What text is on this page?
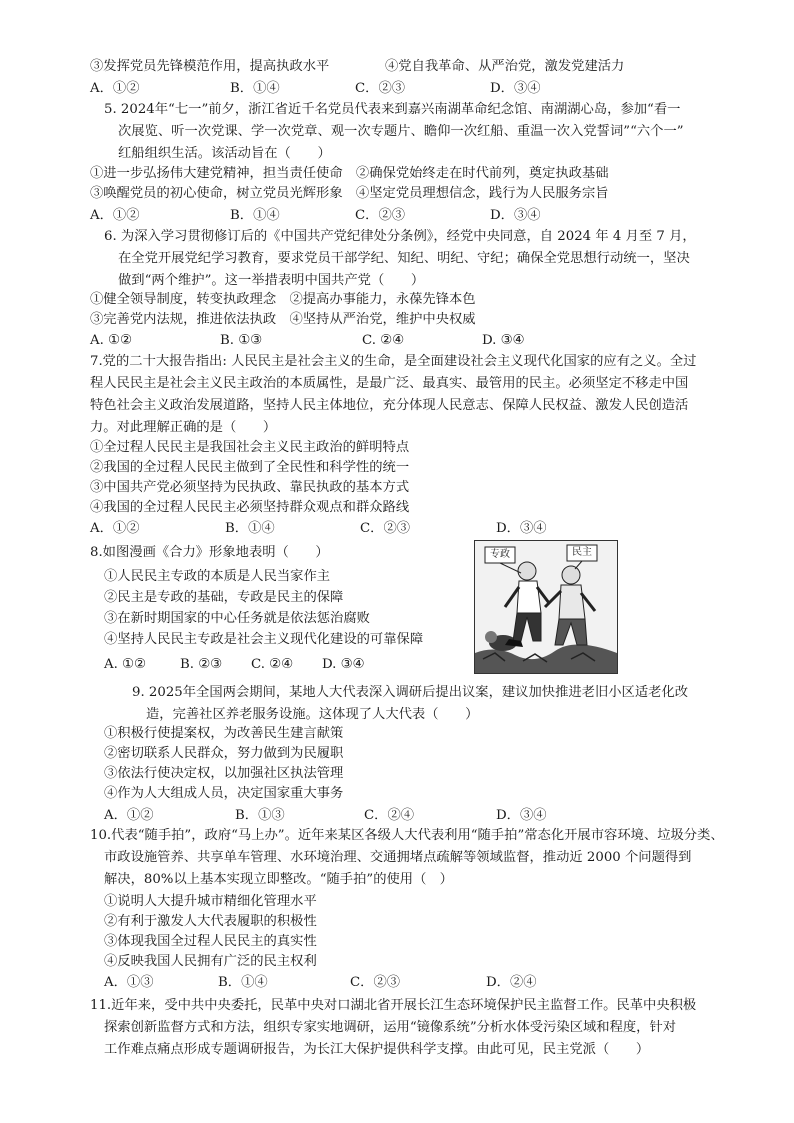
③发挥党员先锋模范作用，提高执政水平	④党自我革命、从严治党，激发党建活力
A．①②	B．①④	C．②③	D．③④
5. 2024年“七一”前夕，浙江省近千名党员代表来到嘉兴南湖革命纪念馆、南湖湖心岛，参加“看一
次展览、听一次党课、学一次党章、观一次专题片、瞻仰一次红船、重温一次入党誓词”“六个一”
红船组织生活。该活动旨在（　　）
①进一步弘扬伟大建党精神，担当责任使命　②确保党始终走在时代前列，奠定执政基础
③唤醒党员的初心使命，树立党员光辉形象　④坚定党员理想信念，践行为人民服务宗旨
A．①②	B．①④	C．②③	D．③④
6. 为深入学习贯彻修订后的《中国共产党纪律处分条例》，经党中央同意，自 2024 年 4 月至 7 月，
在全党开展党纪学习教育，要求党员干部学纪、知纪、明纪、守纪；确保全党思想行动统一，坚决
做到“两个维护”。这一举措表明中国共产党（　　）
①健全领导制度，转变执政理念　②提高办事能力，永葆先锋本色
③完善党内法规，推进依法执政　④坚持从严治党，维护中央权威
A. ①②	B. ①③	C. ②④	D. ③④
7.党的二十大报告指出: 人民民主是社会主义的生命，是全面建设社会主义现代化国家的应有之义。全过
程人民民主是社会主义民主政治的本质属性，是最广泛、最真实、最管用的民主。必须坚定不移走中国
特色社会主义政治发展道路，坚持人民主体地位，充分体现人民意志、保障人民权益、激发人民创造活
力。对此理解正确的是（　　）
①全过程人民民主是我国社会主义民主政治的鲜明特点
②我国的全过程人民民主做到了全民性和科学性的统一
③中国共产党必须坚持为民执政、靠民执政的基本方式
④我国的全过程人民民主必须坚持群众观点和群众路线
A．①②	B．①④	C．②③	D．③④
8.如图漫画《合力》形象地表明（　　）
①人民民主专政的本质是人民当家作主
②民主是专政的基础，专政是民主的保障
③在新时期国家的中心任务就是依法惩治腐败
④坚持人民民主专政是社会主义现代化建设的可靠保障
A. ①②	B. ②③ C. ②④ D. ③④
专政	民主
9. 2025年全国两会期间，某地人大代表深入调研后提出议案，建议加快推进老旧小区适老化改
造，完善社区养老服务设施。这体现了人大代表（　　）
①积极行使提案权，为改善民生建言献策
②密切联系人民群众，努力做到为民履职
③依法行使决定权，以加强社区执法管理
④作为人大组成人员，决定国家重大事务
A．①②	B．①③	C．②④	D．③④
10.代表“随手拍”，政府“马上办”。近年来某区各级人大代表利用“随手拍”常态化开展市容环境、垃圾分类、
市政设施管养、共享单车管理、水环境治理、交通拥堵点疏解等领域监督，推动近 2000 个问题得到
解决，80%以上基本实现立即整改。“随手拍”的使用（　）
①说明人大提升城市精细化管理水平
②有利于激发人大代表履职的积极性
③体现我国全过程人民民主的真实性
④反映我国人民拥有广泛的民主权利
A．①③	B．①④	C．②③	D．②④
11.近年来，受中共中央委托，民革中央对口湖北省开展长江生态环境保护民主监督工作。民革中央积极
探索创新监督方式和方法，组织专家实地调研，运用“镜像系统”分析水体受污染区域和程度，针对
工作难点痛点形成专题调研报告，为长江大保护提供科学支撑。由此可见，民主党派（　　）
